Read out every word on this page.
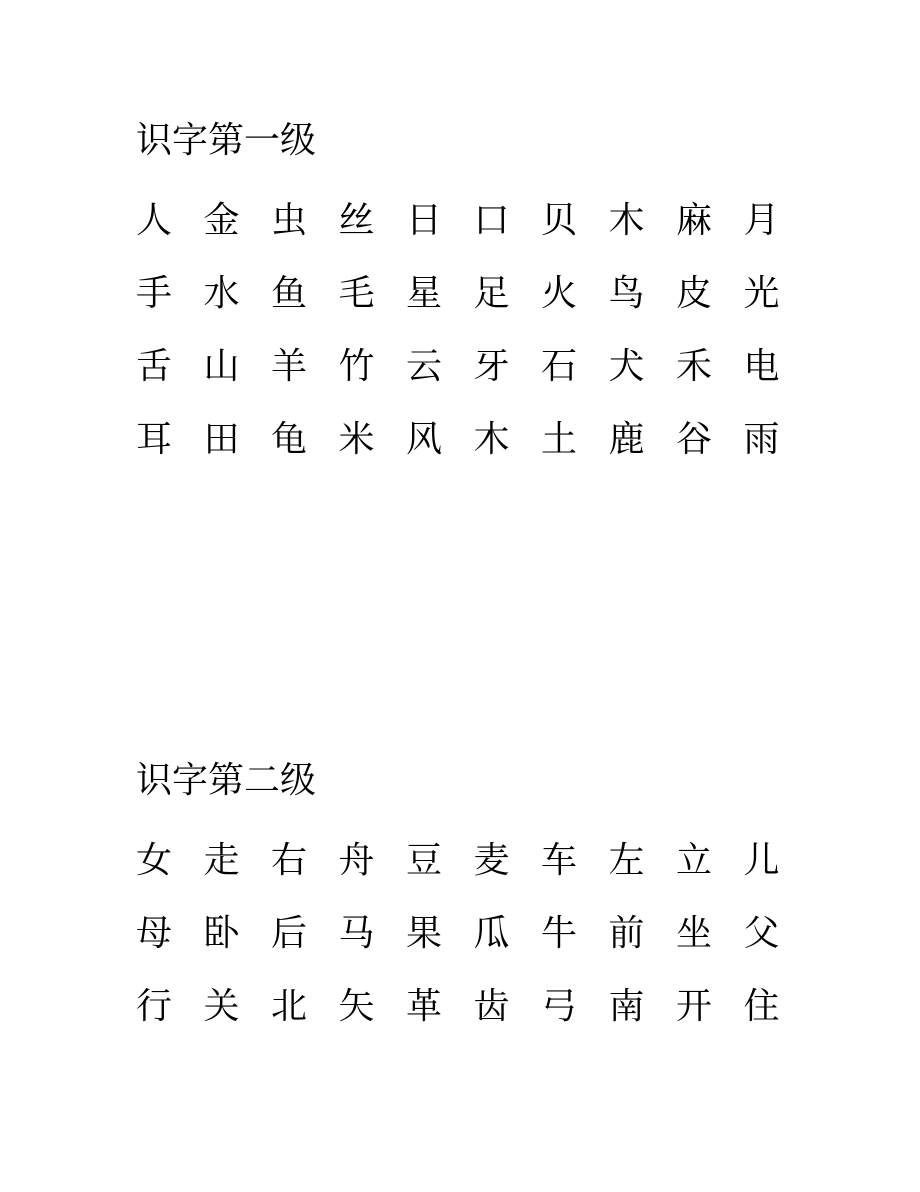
识字第一级
人 金 虫 丝 日 口 贝 木 麻 月
手 水 鱼 毛 星 足 火 鸟 皮 光
舌 山 羊 竹 云 牙 石 犬 禾 电
耳 田 龟 米 风 木 土 鹿 谷 雨
识字第二级
女 走 右 舟 豆 麦 车 左 立 儿
母 卧 后 马 果 瓜 牛 前 坐 父
行 关 北 矢 革 齿 弓 南 开 住
